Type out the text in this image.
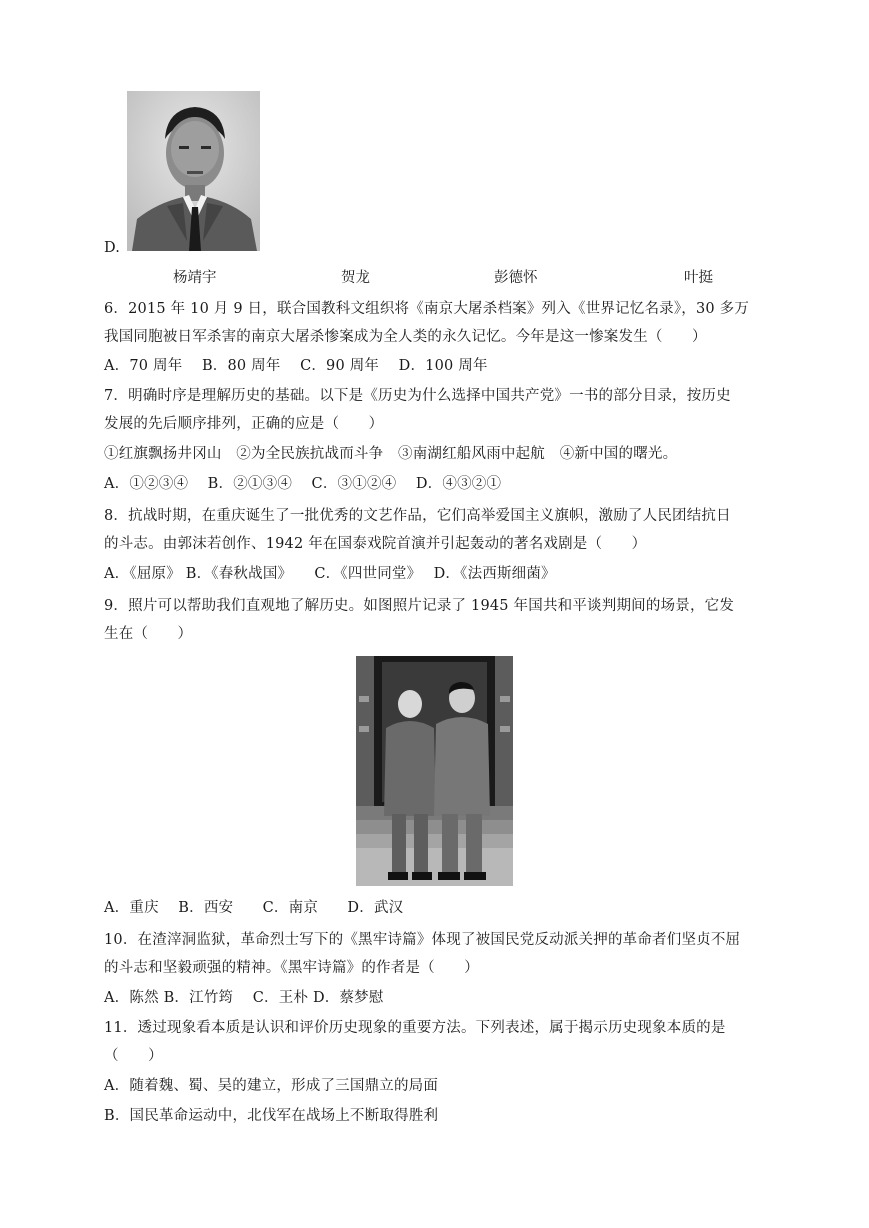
D.
杨靖宇	贺龙	彭德怀	叶挺
6．2015 年 10 月 9 日，联合国教科文组织将《南京大屠杀档案》列入《世界记忆名录》，30 多万
我国同胞被日军杀害的南京大屠杀惨案成为全人类的永久记忆。今年是这一惨案发生（　　）
A．70 周年　 B．80 周年　 C．90 周年　 D．100 周年
7．明确时序是理解历史的基础。以下是《历史为什么选择中国共产党》一书的部分目录，按历史
发展的先后顺序排列，正确的应是（　　）
①红旗飘扬井冈山　②为全民族抗战而斗争　③南湖红船风雨中起航　④新中国的曙光。
A．①②③④　 B．②①③④　 C．③①②④　 D．④③②①
8．抗战时期，在重庆诞生了一批优秀的文艺作品，它们高举爱国主义旗帜，激励了人民团结抗日
的斗志。由郭沫若创作、1942 年在国泰戏院首演并引起轰动的著名戏剧是（　　）
A．《屈原》 B．《春秋战国》　　C．《四世同堂》　 D．《法西斯细菌》
9．照片可以帮助我们直观地了解历史。如图照片记录了 1945 年国共和平谈判期间的场景，它发
生在（　　）
A．重庆　 B．西安　　C．南京　　D．武汉
10．在渣滓洞监狱，革命烈士写下的《黑牢诗篇》体现了被国民党反动派关押的革命者们坚贞不屈
的斗志和坚毅顽强的精神。《黑牢诗篇》的作者是（　　）
A．陈然 B．江竹筠　 C．王朴 D．蔡梦慰
11．透过现象看本质是认识和评价历史现象的重要方法。下列表述，属于揭示历史现象本质的是
（　　）
A．随着魏、蜀、吴的建立，形成了三国鼎立的局面
B．国民革命运动中，北伐军在战场上不断取得胜利
